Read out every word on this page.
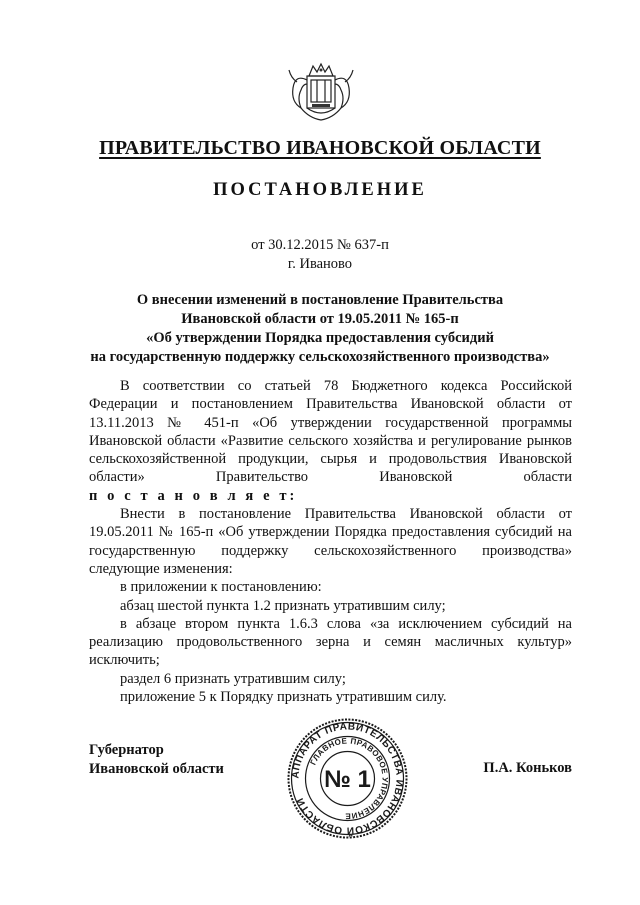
ПРАВИТЕЛЬСТВО ИВАНОВСКОЙ ОБЛАСТИ
ПОСТАНОВЛЕНИЕ
от 30.12.2015 № 637-п
г. Иваново
О внесении изменений в постановление Правительства
Ивановской области от 19.05.2011 № 165-п
«Об утверждении Порядка предоставления субсидий
на государственную поддержку сельскохозяйственного производства»

В соответствии со статьей 78 Бюджетного кодекса Российской Федерации и постановлением Правительства Ивановской области от 13.11.2013 № 451-п «Об утверждении государственной программы Ивановской области «Развитие сельского хозяйства и регулирование рынков сельскохозяйственной продукции, сырья и продовольствия Ивановской области» Правительство Ивановской области

п о с т а н о в л я е т:

Внести в постановление Правительства Ивановской области от 19.05.2011 № 165-п «Об утверждении Порядка предоставления субсидий на государственную поддержку сельскохозяйственного производства» следующие изменения:

в приложении к постановлению:

абзац шестой пункта 1.2 признать утратившим силу;

в абзаце втором пункта 1.6.3 слова «за исключением субсидий на реализацию продовольственного зерна и семян масличных культур» исключить;

раздел 6 признать утратившим силу;

приложение 5 к Порядку признать утратившим силу.

Губернатор
Ивановской области	АППАРАТ ПРАВИТЕЛЬСТВА ИВАНОВСКОЙ ОБЛАСТИ
ГЛАВНОЕ ПРАВОВОЕ УПРАВЛЕНИЕ
№ 1	П.А. Коньков
